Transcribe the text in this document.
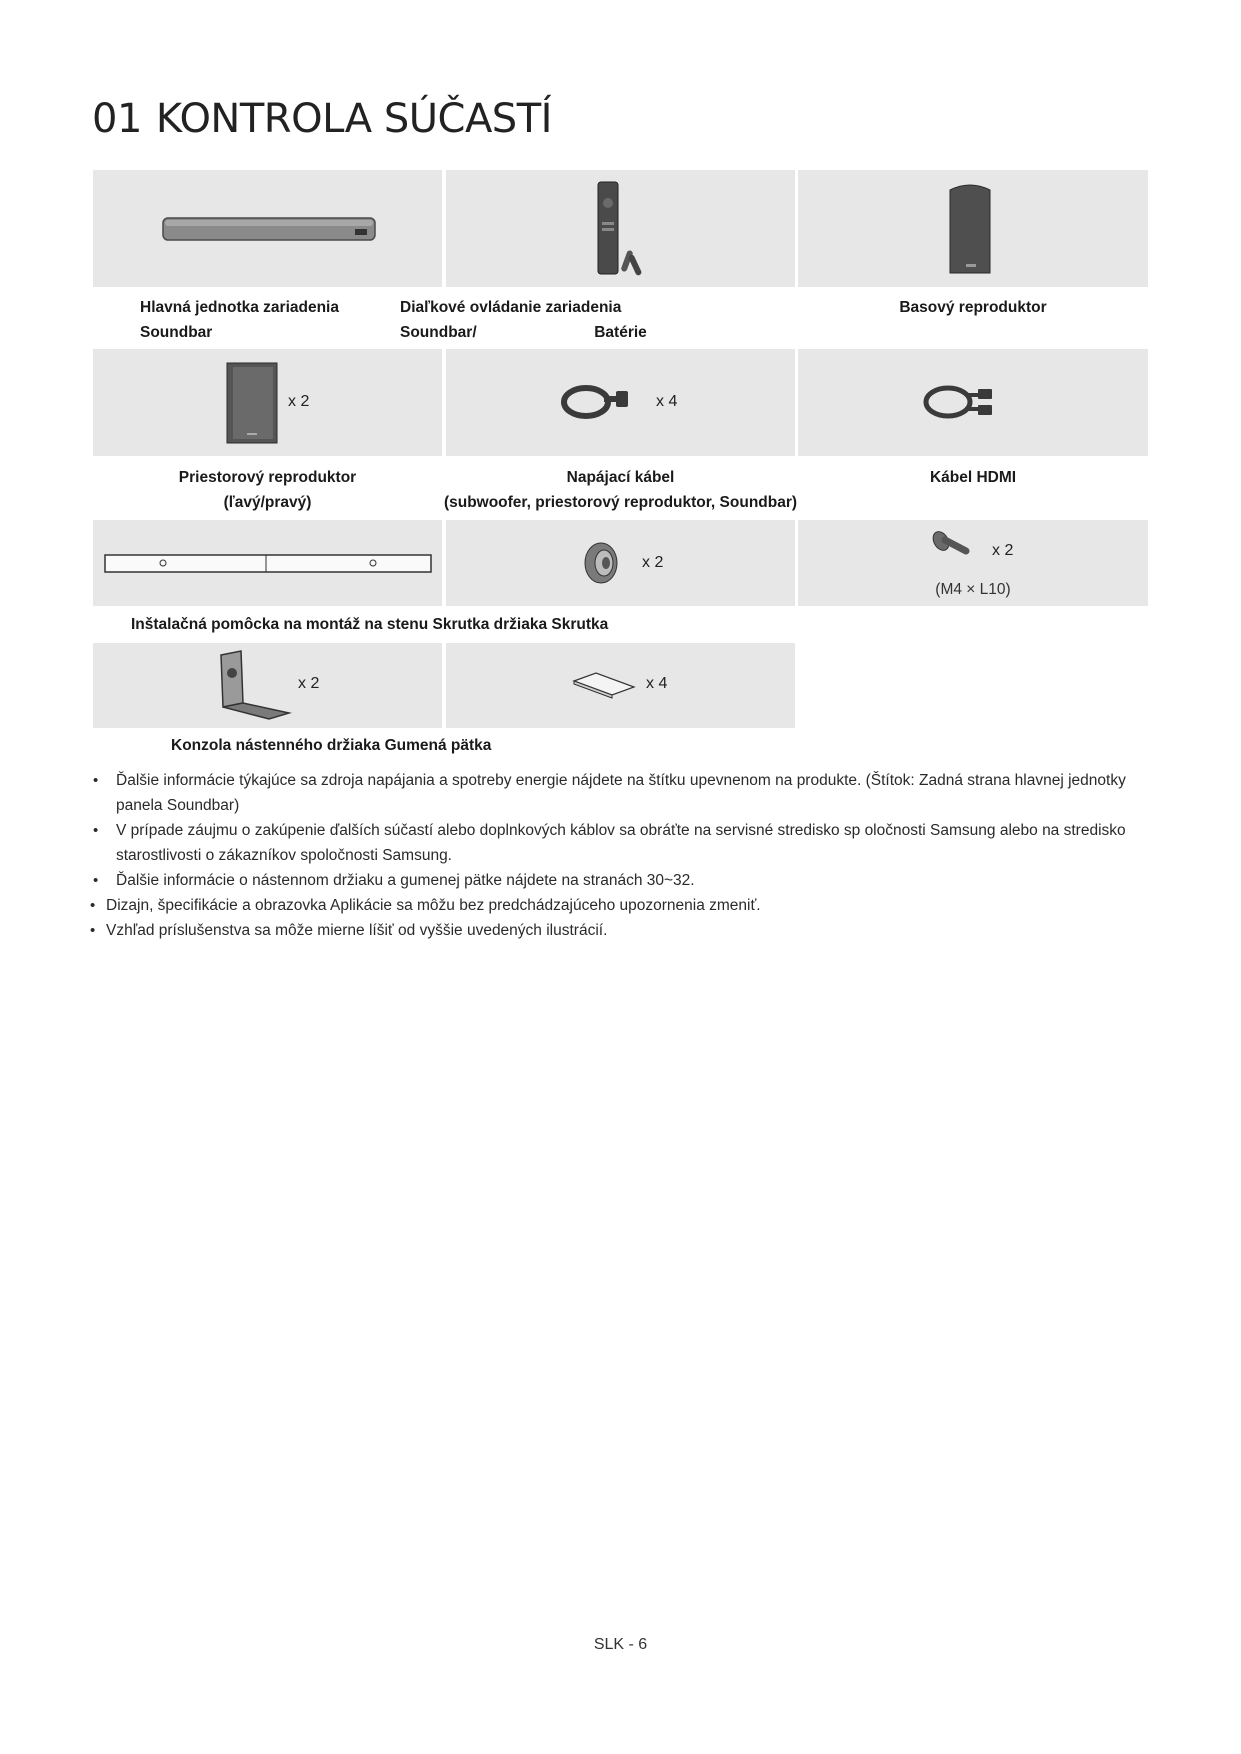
01 KONTROLA SÚČASTÍ
Hlavná jednotka zariadenia Soundbar
Diaľkové ovládanie zariadenia Soundbar/	Batérie
Basový reproduktor
x 2	x 4
Priestorový reproduktor
(ľavý/pravý)
Napájací kábel
(subwoofer, priestorový reproduktor, Soundbar)
Kábel HDMI
x 2
x 2
(M4 × L10)
Inštalačná pomôcka na montáž na stenu Skrutka držiaka Skrutka
x 2	x 4
Konzola nástenného držiaka Gumená pätka
• Ďalšie informácie týkajúce sa zdroja napájania a spotreby energie nájdete na štítku upevnenom na produkte. (Štítok: Zadná strana hlavnej jednotky panela Soundbar)
• V prípade záujmu o zakúpenie ďalších súčastí alebo doplnkových káblov sa obráťte na servisné stredisko sp oločnosti Samsung alebo na stredisko starostlivosti o zákazníkov spoločnosti Samsung.
• Ďalšie informácie o nástennom držiaku a gumenej pätke nájdete na stranách 30~32.
• Dizajn, špecifikácie a obrazovka Aplikácie sa môžu bez predchádzajúceho upozornenia zmeniť.
• Vzhľad príslušenstva sa môže mierne líšiť od vyššie uvedených ilustrácií.
SLK - 6
